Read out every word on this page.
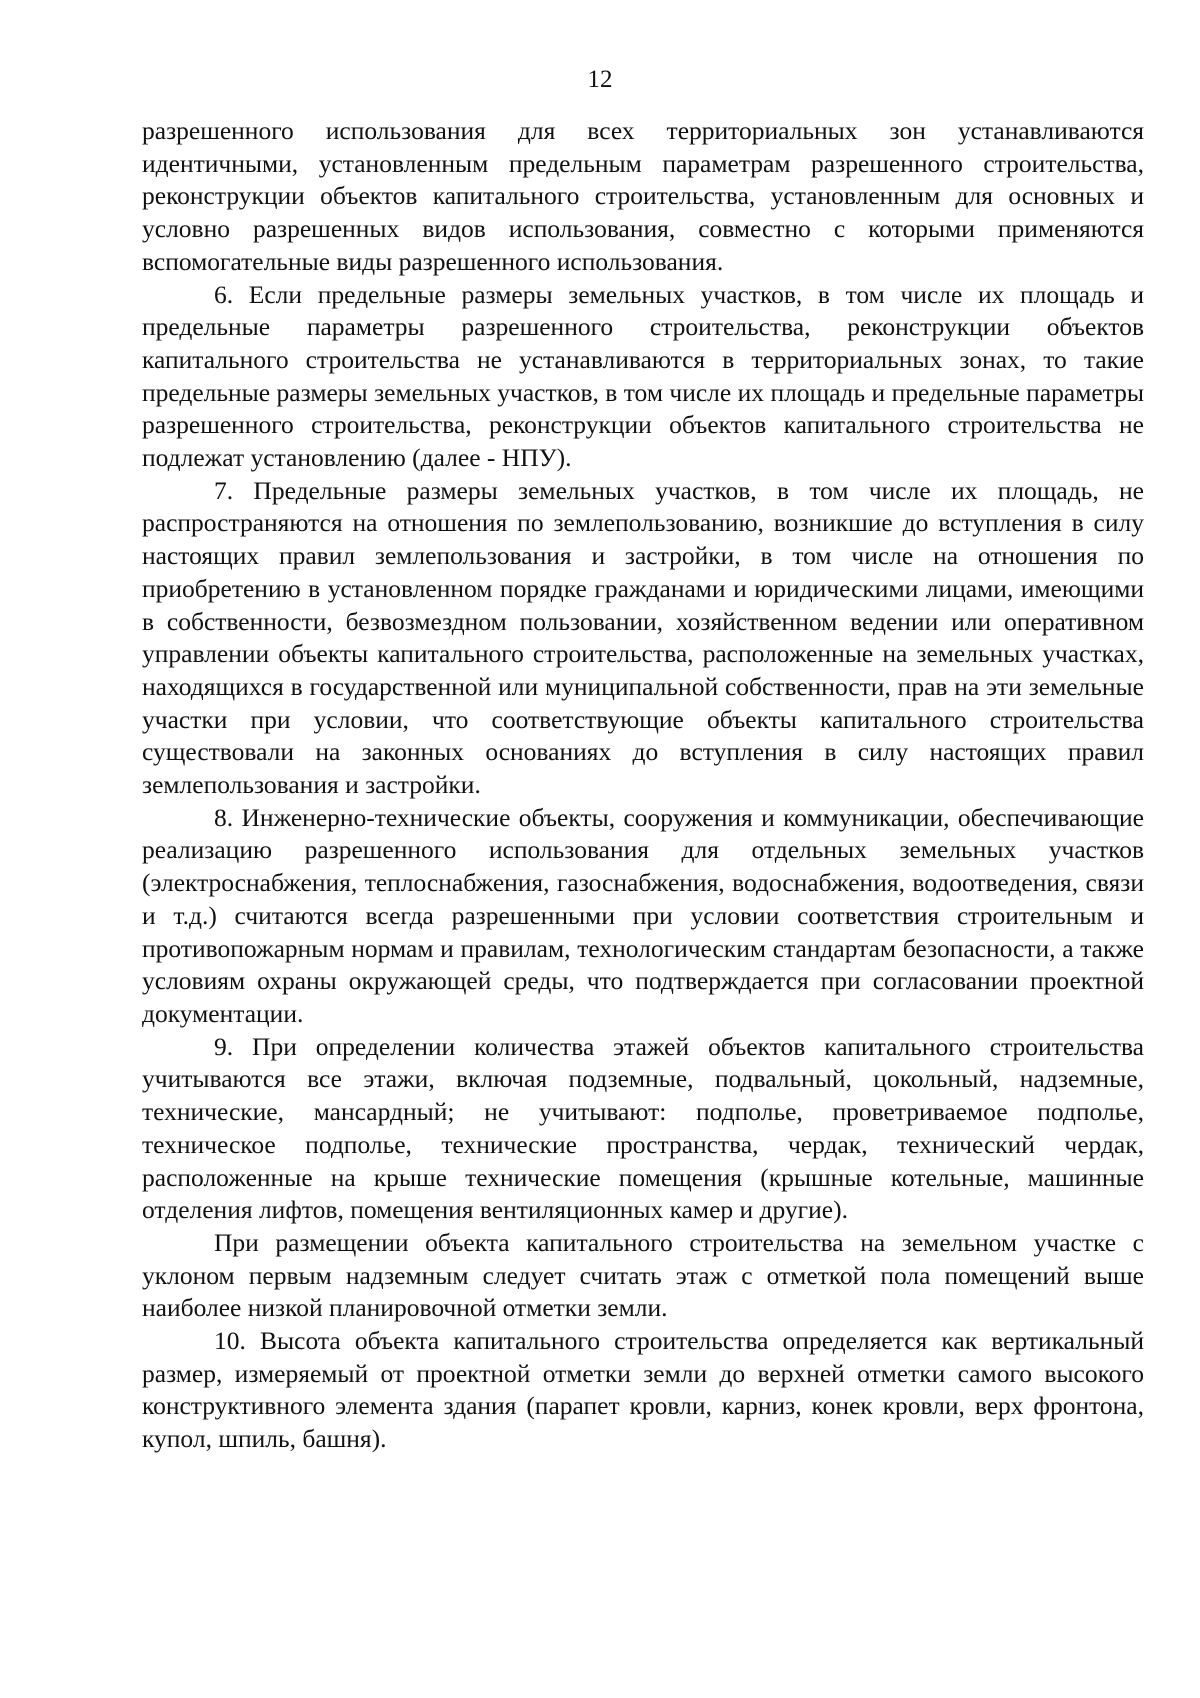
12

разрешенного использования для всех территориальных зон устанавливаются идентичными, установленным предельным параметрам разрешенного строительства, реконструкции объектов капитального строительства, установленным для основных и условно разрешенных видов использования, совместно с которыми применяются вспомогательные виды разрешенного использования.

6. Если предельные размеры земельных участков, в том числе их площадь и предельные параметры разрешенного строительства, реконструкции объектов капитального строительства не устанавливаются в территориальных зонах, то такие предельные размеры земельных участков, в том числе их площадь и предельные параметры разрешенного строительства, реконструкции объектов капитального строительства не подлежат установлению (далее - НПУ).

7. Предельные размеры земельных участков, в том числе их площадь, не распространяются на отношения по землепользованию, возникшие до вступления в силу настоящих правил землепользования и застройки, в том числе на отношения по приобретению в установленном порядке гражданами и юридическими лицами, имеющими в собственности, безвозмездном пользовании, хозяйственном ведении или оперативном управлении объекты капитального строительства, расположенные на земельных участках, находящихся в государственной или муниципальной собственности, прав на эти земельные участки при условии, что соответствующие объекты капитального строительства существовали на законных основаниях до вступления в силу настоящих правил землепользования и застройки.

8. Инженерно-технические объекты, сооружения и коммуникации, обеспечивающие реализацию разрешенного использования для отдельных земельных участков (электроснабжения, теплоснабжения, газоснабжения, водоснабжения, водоотведения, связи и т.д.) считаются всегда разрешенными при условии соответствия строительным и противопожарным нормам и правилам, технологическим стандартам безопасности, а также условиям охраны окружающей среды, что подтверждается при согласовании проектной документации.

9. При определении количества этажей объектов капитального строительства учитываются все этажи, включая подземные, подвальный, цокольный, надземные, технические, мансардный; не учитывают: подполье, проветриваемое подполье, техническое подполье, технические пространства, чердак, технический чердак, расположенные на крыше технические помещения (крышные котельные, машинные отделения лифтов, помещения вентиляционных камер и другие).

При размещении объекта капитального строительства на земельном участке с уклоном первым надземным следует считать этаж с отметкой пола помещений выше наиболее низкой планировочной отметки земли.

10. Высота объекта капитального строительства определяется как вертикальный размер, измеряемый от проектной отметки земли до верхней отметки самого высокого конструктивного элемента здания (парапет кровли, карниз, конек кровли, верх фронтона, купол, шпиль, башня).
